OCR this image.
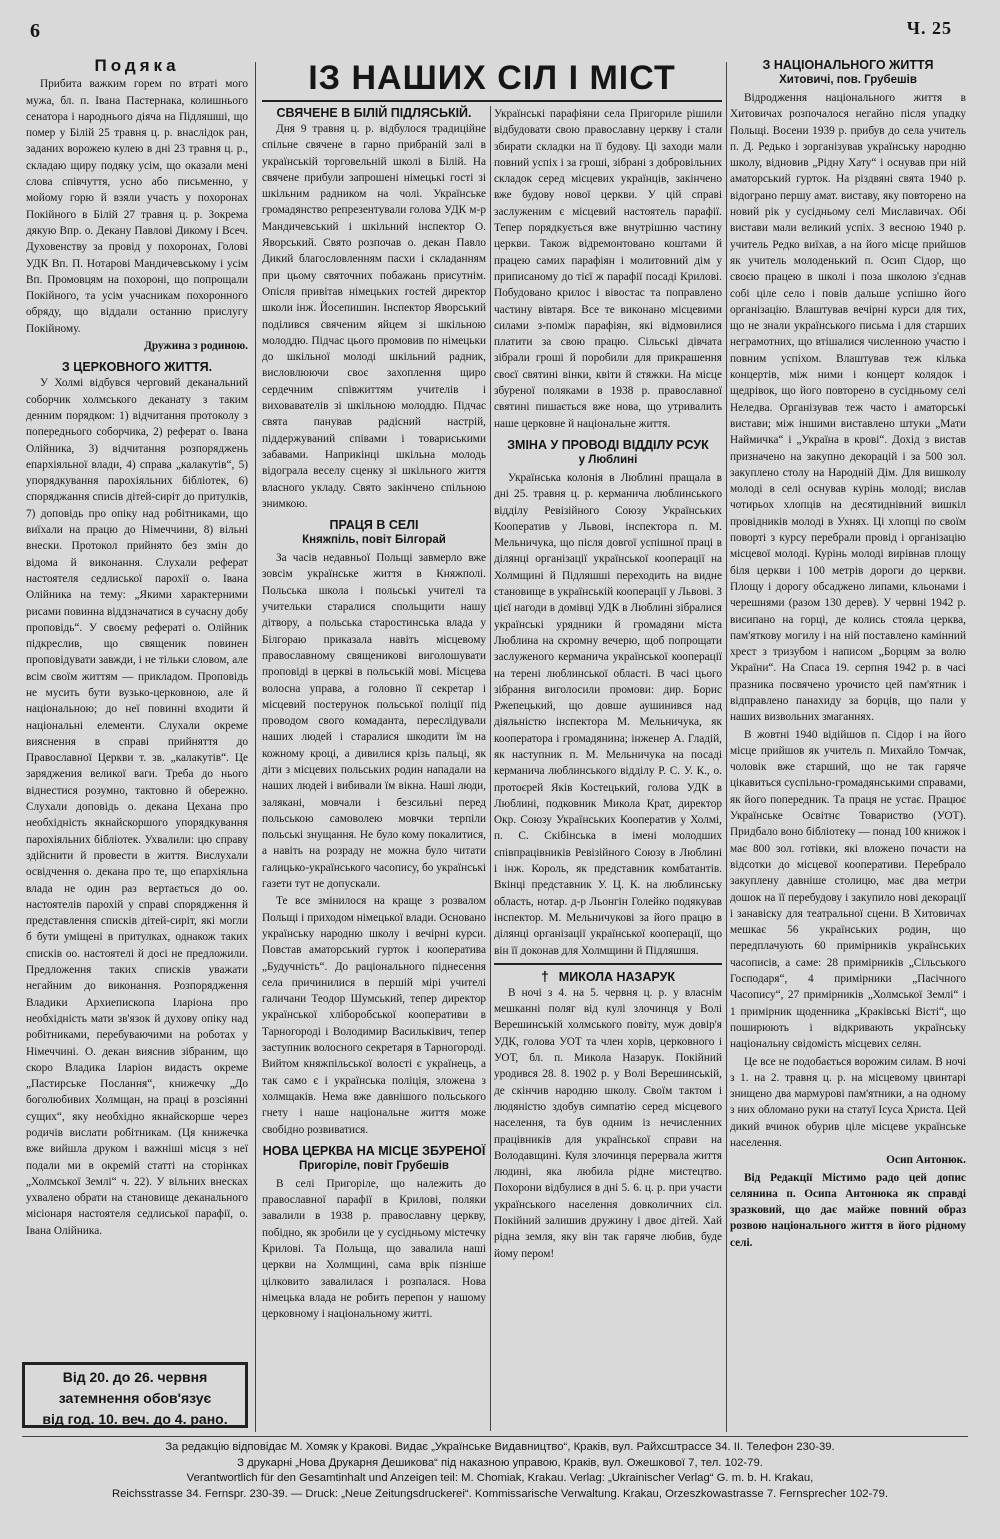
6	Ч. 25
ІЗ НАШИХ СІЛ І МІСТ
Подяка

Прибита важким горем по втраті мого мужа, бл. п. Івана Пастернака, колишнього сенатора і народнього діяча на Підляшші, що помер у Білій 25 травня ц. р. внаслідок ран, заданих ворожею кулею в дні 23 травня ц. р., складаю щиру подяку усім, що оказали мені слова співчуття, усно або письменно, у мойому горю й взяли участь у похоронах Покійного в Білій 27 травня ц. р. Зокрема дякую Впр. о. Декану Павлові Дикому і Всеч. Духовенству за провід у похоронах, Голові УДК Вп. П. Нотарові Мандичевському і усім Вп. Промовцям на похороні, що попрощали Покійного, та усім учасникам похоронного обряду, що віддали останню прислугу Покійному.

Дружина з родиною.

З ЦЕРКОВНОГО ЖИТТЯ.

У Холмі відбувся черговий деканальний соборчик холмського деканату з таким денним порядком: 1) відчитання протоколу з попереднього соборчика, 2) реферат о. Івана Олійника, 3) відчитання розпоряджень епархіяльної влади, 4) справа „калакутів“, 5) упорядкування парохіяльних бібліотек, 6) споряджання списів дітей-сиріт до притулків, 7) доповідь про опіку над робітниками, що виїхали на працю до Німеччини, 8) вільні внески. Протокол прийнято без змін до відома й виконання. Слухали реферат настоятеля седлиської парохії о. Івана Олійника на тему: „Якими характерними рисами повинна віддзначатися в сучасну добу проповідь“. У своєму рефераті о. Олійник підкреслив, що священик повинен проповідувати завжди, і не тільки словом, але всім своїм життям — прикладом. Проповідь не мусить бути вузько-церковною, але й національною; до неї повинні входити й національні елементи. Слухали окреме вияснення в справі прийняття до Православної Церкви т. зв. „калакутів“. Це заряджения великої ваги. Треба до нього віднестися розумно, тактовно й обережно. Слухали доповідь о. декана Цехана про необхідність якнайскоршого упорядкування парохіяльних бібліотек. Ухвалили: цю справу здійснити й провести в життя. Вислухали освідчення о. декана про те, що епархіяльна влада не один раз вертається до оо. настоятелів парохій у справі спорядження й представлення списків дітей-сиріт, які могли б бути уміщені в притулках, однакож таких списків оо. настоятелі й досі не предложили. Предложення таких списків уважати негайним до виконання. Розпорядження Владики Архиепископа Іларіона про необхідність мати зв'язок й духову опіку над робітниками, перебуваючими на роботах у Німеччині. О. декан вияснив зібраним, що скоро Владика Іларіон видасть окреме „Пастирське Послання“, книжечку „До боголюбивих Холмщан, на праці в розсіянні сущих“, яку необхідно якнайскорше через родичів вислати робітникам. (Ця книжечка вже вийшла друком і важніші місця з неї подали ми в окремій статті на сторінках „Холмської Землі“ ч. 22). У вільних внесках ухвалено обрати на становище деканального місіонаря настоятеля седлиської парафії, о. Івана Олійника.

Від 20. до 26. червня
затемнення обов'язує
від год. 10. веч. до 4. рано.
СВЯЧЕНЕ В БІЛІЙ ПІДЛЯСЬКІЙ.

Дня 9 травня ц. р. відбулося традиційне спільне свячене в гарно прибраній залі в українській торговельній школі в Білій. На свячене прибули запрошені німецькі гості зі шкільним радником на чолі. Українське громадянство репрезентували голова УДК м-р Мандичевський і шкільний інспектор О. Яворський. Свято розпочав о. декан Павло Дикий благословленням пасхи і складанням при цьому святочних побажань присутнім. Опісля привітав німецьких гостей директор школи інж. Йосепишин. Інспектор Яворський поділився свяченим яйцем зі шкільною молоддю. Підчас цього промовив по німецьки до шкільної молоді шкільний радник, висловлюючи своє захоплення щиро сердечним співжиттям учителів і виховавателів зі шкільною молоддю. Підчас свята панував радісний настрій, піддержуваний співами і товариськими забавами. Наприкінці шкільна молодь відограла веселу сценку зі шкільного життя власного укладу. Свято закінчено спільною знимкою.

ПРАЦЯ В СЕЛІ
Княжпіль, повіт Білгорай

За часів недавньої Польщі завмерло вже зовсім українське життя в Княжполі. Польська школа і польські учителі та учительки старалися спольщити нашу дітвору, а польська старостинська влада у Білгораю приказала навіть місцевому православному священикові виголошувати проповіді в церкві в польській мові. Місцева волосна управа, а головно її секретар і місцевий постерунок польської поліції під проводом свого комаданта, переслідували наших людей і старалися шкодити їм на кожному кроці, а дивилися крізь пальці, як діти з місцевих польських родин нападали на наших людей і вибивали їм вікна. Наші люди, залякані, мовчали і безсильні перед польською самоволею мовчки терпіли польські знущання. Не було кому покалитися, а навіть на розраду не можна було читати галицько-українського часопису, бо українські газети тут не допускали.

Те все змінилося на краще з розвалом Польщі і приходом німецької влади. Основано українську народню школу і вечірні курси. Повстав аматорський гурток і кооператива „Будучність“. До раціонального піднесення села причинилися в першій мірі учителі галичани Теодор Шумський, тепер директор української хліборобської кооперативи в Тарногороді і Володимир Васильківич, тепер заступник волосного секретаря в Тарногороді. Вийтом княжпільської волості є українець, а так само є і українська поліція, зложена з холмщаків. Нема вже давнішого польського гнету і наше національне життя може свобідно розвиватися.

НОВА ЦЕРКВА НА МІСЦЕ ЗБУРЕНОЇ
Пригоріле, повіт Грубешів

В селі Пригоріле, що належить до православної парафії в Крилові, поляки завалили в 1938 р. православну церкву, побідно, як зробили це у сусідньому містечку Крилові. Та Польща, що завалила наші церкви на Холмщині, сама врік пізніше цілковито завалилася і розпалася. Нова німецька влада не робить перепон у нашому церковному і національному житті.

Українські парафіяни села Пригориле рішили відбудовати свою православну церкву і стали збирати складки на її будову. Ці заходи мали повний успіх і за гроші, зібрані з добровільних складок серед місцевих українців, закінчено вже будову нової церкви. У цій справі заслуженим є місцевий настоятель парафії. Тепер порядкується вже внутрішню частину церкви. Також відремонтовано коштами й працею самих парафіян і молитовний дім у приписаному до тієї ж парафії посаді Крилові. Побудовано крилос і вівостас та поправлено частину вівтаря. Все те виконано місцевими силами з-поміж парафіян, які відмовилися платити за свою працю. Сільські дівчата зібрали гроші й поробили для прикрашення своєї святині вінки, квіти й стяжки. На місце збуреної поляками в 1938 р. православної святині пишається вже нова, що утривалить наше церковне й національне життя.

ЗМІНА У ПРОВОДІ ВІДДІЛУ РСУК
у Люблині

Українська колонія в Люблині пращала в дні 25. травня ц. р. керманича люблинського відділу Ревізійного Союзу Українських Кооператив у Львові, інспектора п. М. Мельничука, що після довгої успішної праці в ділянці організації української кооперації на Холмщині й Підляшші переходить на видне становище в українській кооперації у Львові. З цієї нагоди в домівці УДК в Люблині зібралися українські урядники й громадяни міста Люблина на скромну вечерю, щоб попрощати заслуженого керманича української кооперації на терені люблинської області. В часі цього зібрання виголосили промови: дир. Борис Ржепецький, що довше аушинився над діяльністю інспектора М. Мельничука, як кооператора і громадянина; інженер А. Гладій, як наступник п. М. Мельничука на посаді керманича люблинського відділу Р. С. У. К., о. протоєрей Яків Костецький, голова УДК в Люблині, подковник Микола Крат, директор Окр. Союзу Українських Кооператив у Холмі, п. С. Скібінська в імені молодших співпрацівників Ревізійного Союзу в Люблині і інж. Король, як представник комбатантів. Вкінці представник У. Ц. К. на люблинську область, нотар. д-р Льонгін Голейко подякував інспектор. М. Мельничукові за його працю в ділянці організації української кооперації, що він її доконав для Холмщини й Підляшшя.

† МИКОЛА НАЗАРУК

В ночі з 4. на 5. червня ц. р. у власнім мешканні поляг від кулі злочинця у Волі Верешинській холмського повіту, муж довір'я УДК, голова УОТ та член хорів, церковного і УОТ, бл. п. Микола Назарук. Покійний уродився 28. 8. 1902 р. у Волі Верешинській, де скінчив народню школу. Своїм тактом і людяністю здобув симпатію серед місцевого населення, та був одним із нечисленних працівників для української справи на Володавщині. Куля злочинця перервала життя людині, яка любила рідне мистецтво. Похорони відбулися в дні 5. 6. ц. р. при участи українського населення довколичних сіл. Покійний залишив дружину і двоє дітей. Хай рідна земля, яку він так гаряче любив, буде йому пером!

З НАЦІОНАЛЬНОГО ЖИТТЯ
Хитовичі, пов. Грубешів

Відродження національного життя в Хитовичах розпочалося негайно після упадку Польщі. Восени 1939 р. прибув до села учитель п. Д. Редько і зорганізував українську народню школу, відновив „Рідну Хату“ і оснував при ній аматорський гурток. На різдвяні свята 1940 р. відограно першу амат. виставу, яку повторено на новий рік у сусідньому селі Миславичах. Обі вистави мали великий успіх. З весною 1940 р. учитель Редко виїхав, а на його місце прийшов як учитель молоденький п. Осип Сідор, що своєю працею в школі і поза школою з'єднав собі ціле село і повів дальше успішно його організацію. Влаштував вечірні курси для тих, що не знали українського письма і для старших неграмотних, що втішалися численною участю і повним успіхом. Влаштував теж кілька концертів, між ними і концерт колядок і щедрівок, що його повторено в сусідньому селі Неледва. Організував теж часто і аматорські вистави; між іншими виставлено штуки „Мати Наймичка“ і „Україна в крові“. Дохід з вистав призначено на закупно декорацій і за 500 зол. закуплено столу на Народній Дім. Для вишколу молоді в селі оснував курінь молоді; вислав чотирьох хлопців на десятиднівний вишкіл провідників молоді в Ухнях. Ці хлопці по своїм поворті з курсу перебрали провід і організацію місцевої молоді. Курінь молоді вирівнав площу біля церкви і 100 метрів дороги до церкви. Площу і дорогу обсаджено липами, кльонами і черешнями (разом 130 дерев). У червні 1942 р. висипано на горці, де колись стояла церква, пам'яткову могилу і на ній поставлено камінний хрест з тризубом і написом „Борцям за волю України“. На Спаса 19. серпня 1942 р. в часі празника посвячено урочисто цей пам'ятник і відправлено панахиду за борців, що пали у наших визвольних змаганнях.

В жовтні 1940 відійшов п. Сідор і на його місце прийшов як учитель п. Михайло Томчак, чоловік вже старший, що не так гаряче цікавиться суспільно-громадянськими справами, як його попередник. Та праця не устає. Працює Українське Освітнє Товариство (УОТ). Придбало воно бібліотеку — понад 100 книжок і має 800 зол. готівки, які вложено почасти на відсотки до місцевої кооперативи. Перебрало закуплену давніше столицю, має два метри дошок на її перебудову і закупило нові декорації і занавіску для театральної сцени. В Хитовичах мешкає 56 українських родин, що передплачують 60 примірників українських часописів, а саме: 28 примірників „Сільського Господаря“, 4 примірники „Пасічного Часопису“, 27 примірників „Холмської Землі“ і 1 примірник щоденника „Краківські Вісті“, що поширюють і відкривають українську національну свідомість місцевих селян.

Це все не подобається ворожим силам. В ночі з 1. на 2. травня ц. р. на місцевому цвинтарі знищено два мармурові пам'ятники, а на одному з них обломано руки на статуї Ісуса Христа. Цей дикий вчинок обурив ціле місцеве українське населення.

Осип Антонюк.

Від Редакції Містимо радо цей допис селянина п. Осипа Антонюка як справді зразковий, що дає майже повний образ розвою національного життя в його рідному селі.

За редакцію відповідає М. Хомяк у Кракові. Видає „Українське Видавництво“, Краків, вул. Райхсштрассе 34. II. Телефон 230-39.
З друкарні „Нова Друкарня Дешикова“ під наказною управою, Краків, вул. Ожешкової 7, тел. 102-79.
Verantwortlich für den Gesamtinhalt und Anzeigen teil: M. Chomiak, Krakau. Verlag: „Ukrainischer Verlag“ G. m. b. H. Krakau,
Reichsstrasse 34. Fernspr. 230-39. — Druck: „Neue Zeitungsdruckerei“. Kommissarische Verwaltung. Krakau, Orzeszkowastrasse 7. Fernsprecher 102-79.
